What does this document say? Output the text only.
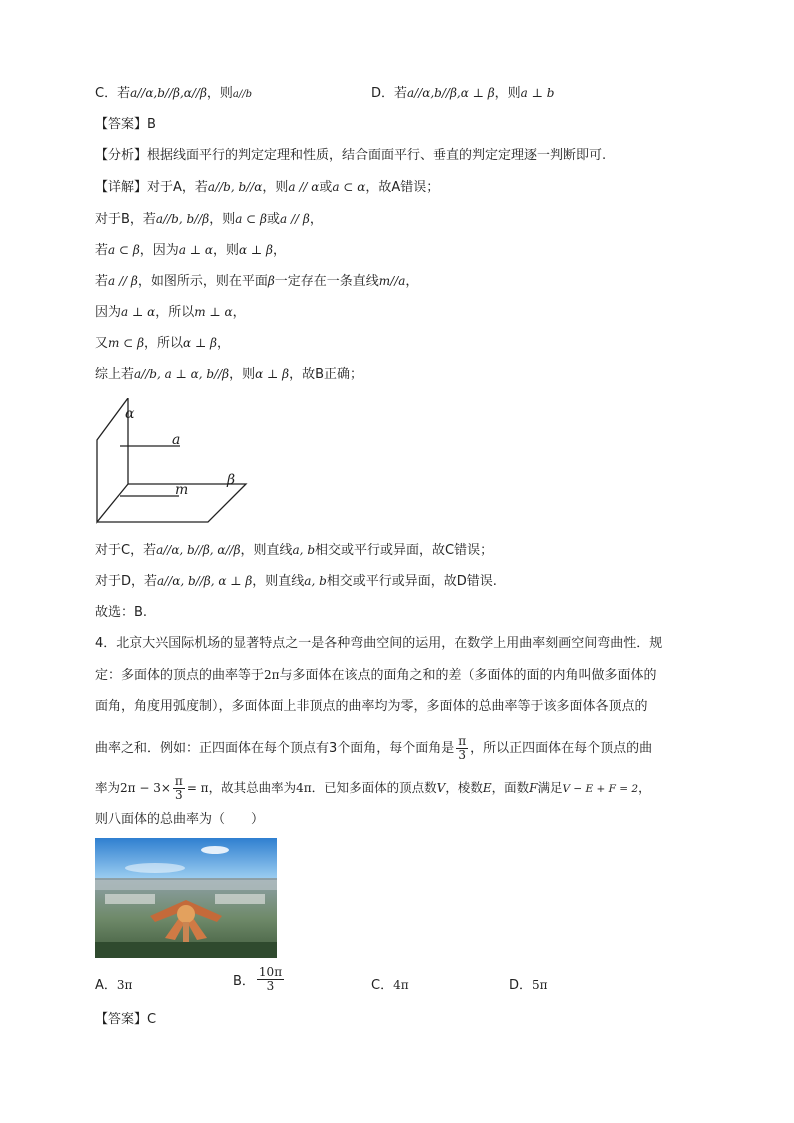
C．若a//α,b//β,α//β，则a//b	D．若a//α,b//β,α ⊥ β，则a ⊥ b
【答案】B
【分析】根据线面平行的判定定理和性质，结合面面平行、垂直的判定定理逐一判断即可.
【详解】对于A，若a//b, b//α，则a // α或a ⊂ α，故A错误；
对于B，若a//b, b//β，则a ⊂ β或a // β，
若a ⊂ β，因为a ⊥ α，则α ⊥ β，
若a // β，如图所示，则在平面β一定存在一条直线m//a，
因为a ⊥ α，所以m ⊥ α，
又m ⊂ β，所以α ⊥ β，
综上若a//b, a ⊥ α, b//β，则α ⊥ β，故B正确；
α
a
m
β
对于C，若a//α, b//β, α//β，则直线a, b相交或平行或异面，故C错误；
对于D，若a//α, b//β, α ⊥ β，则直线a, b相交或平行或异面，故D错误.
故选：B.
4．北京大兴国际机场的显著特点之一是各种弯曲空间的运用，在数学上用曲率刻画空间弯曲性．规
定：多面体的顶点的曲率等于2π与多面体在该点的面角之和的差（多面体的面的内角叫做多面体的
面角，角度用弧度制），多面体面上非顶点的曲率均为零，多面体的总曲率等于该多面体各顶点的
曲率之和．例如：正四面体在每个顶点有3个面角，每个面角是 $\frac{\pi}{3}$ ，所以正四面体在每个顶点的曲
率为$2\pi - 3\times \frac{\pi}{3} = \pi$，故其总曲率为4π．已知多面体的顶点数V，棱数E，面数F满足V − E + F = 2，
则八面体的总曲率为（　　）
A．3π	B． $\frac{10\pi}{3}$	C．4π	D．5π
【答案】C
